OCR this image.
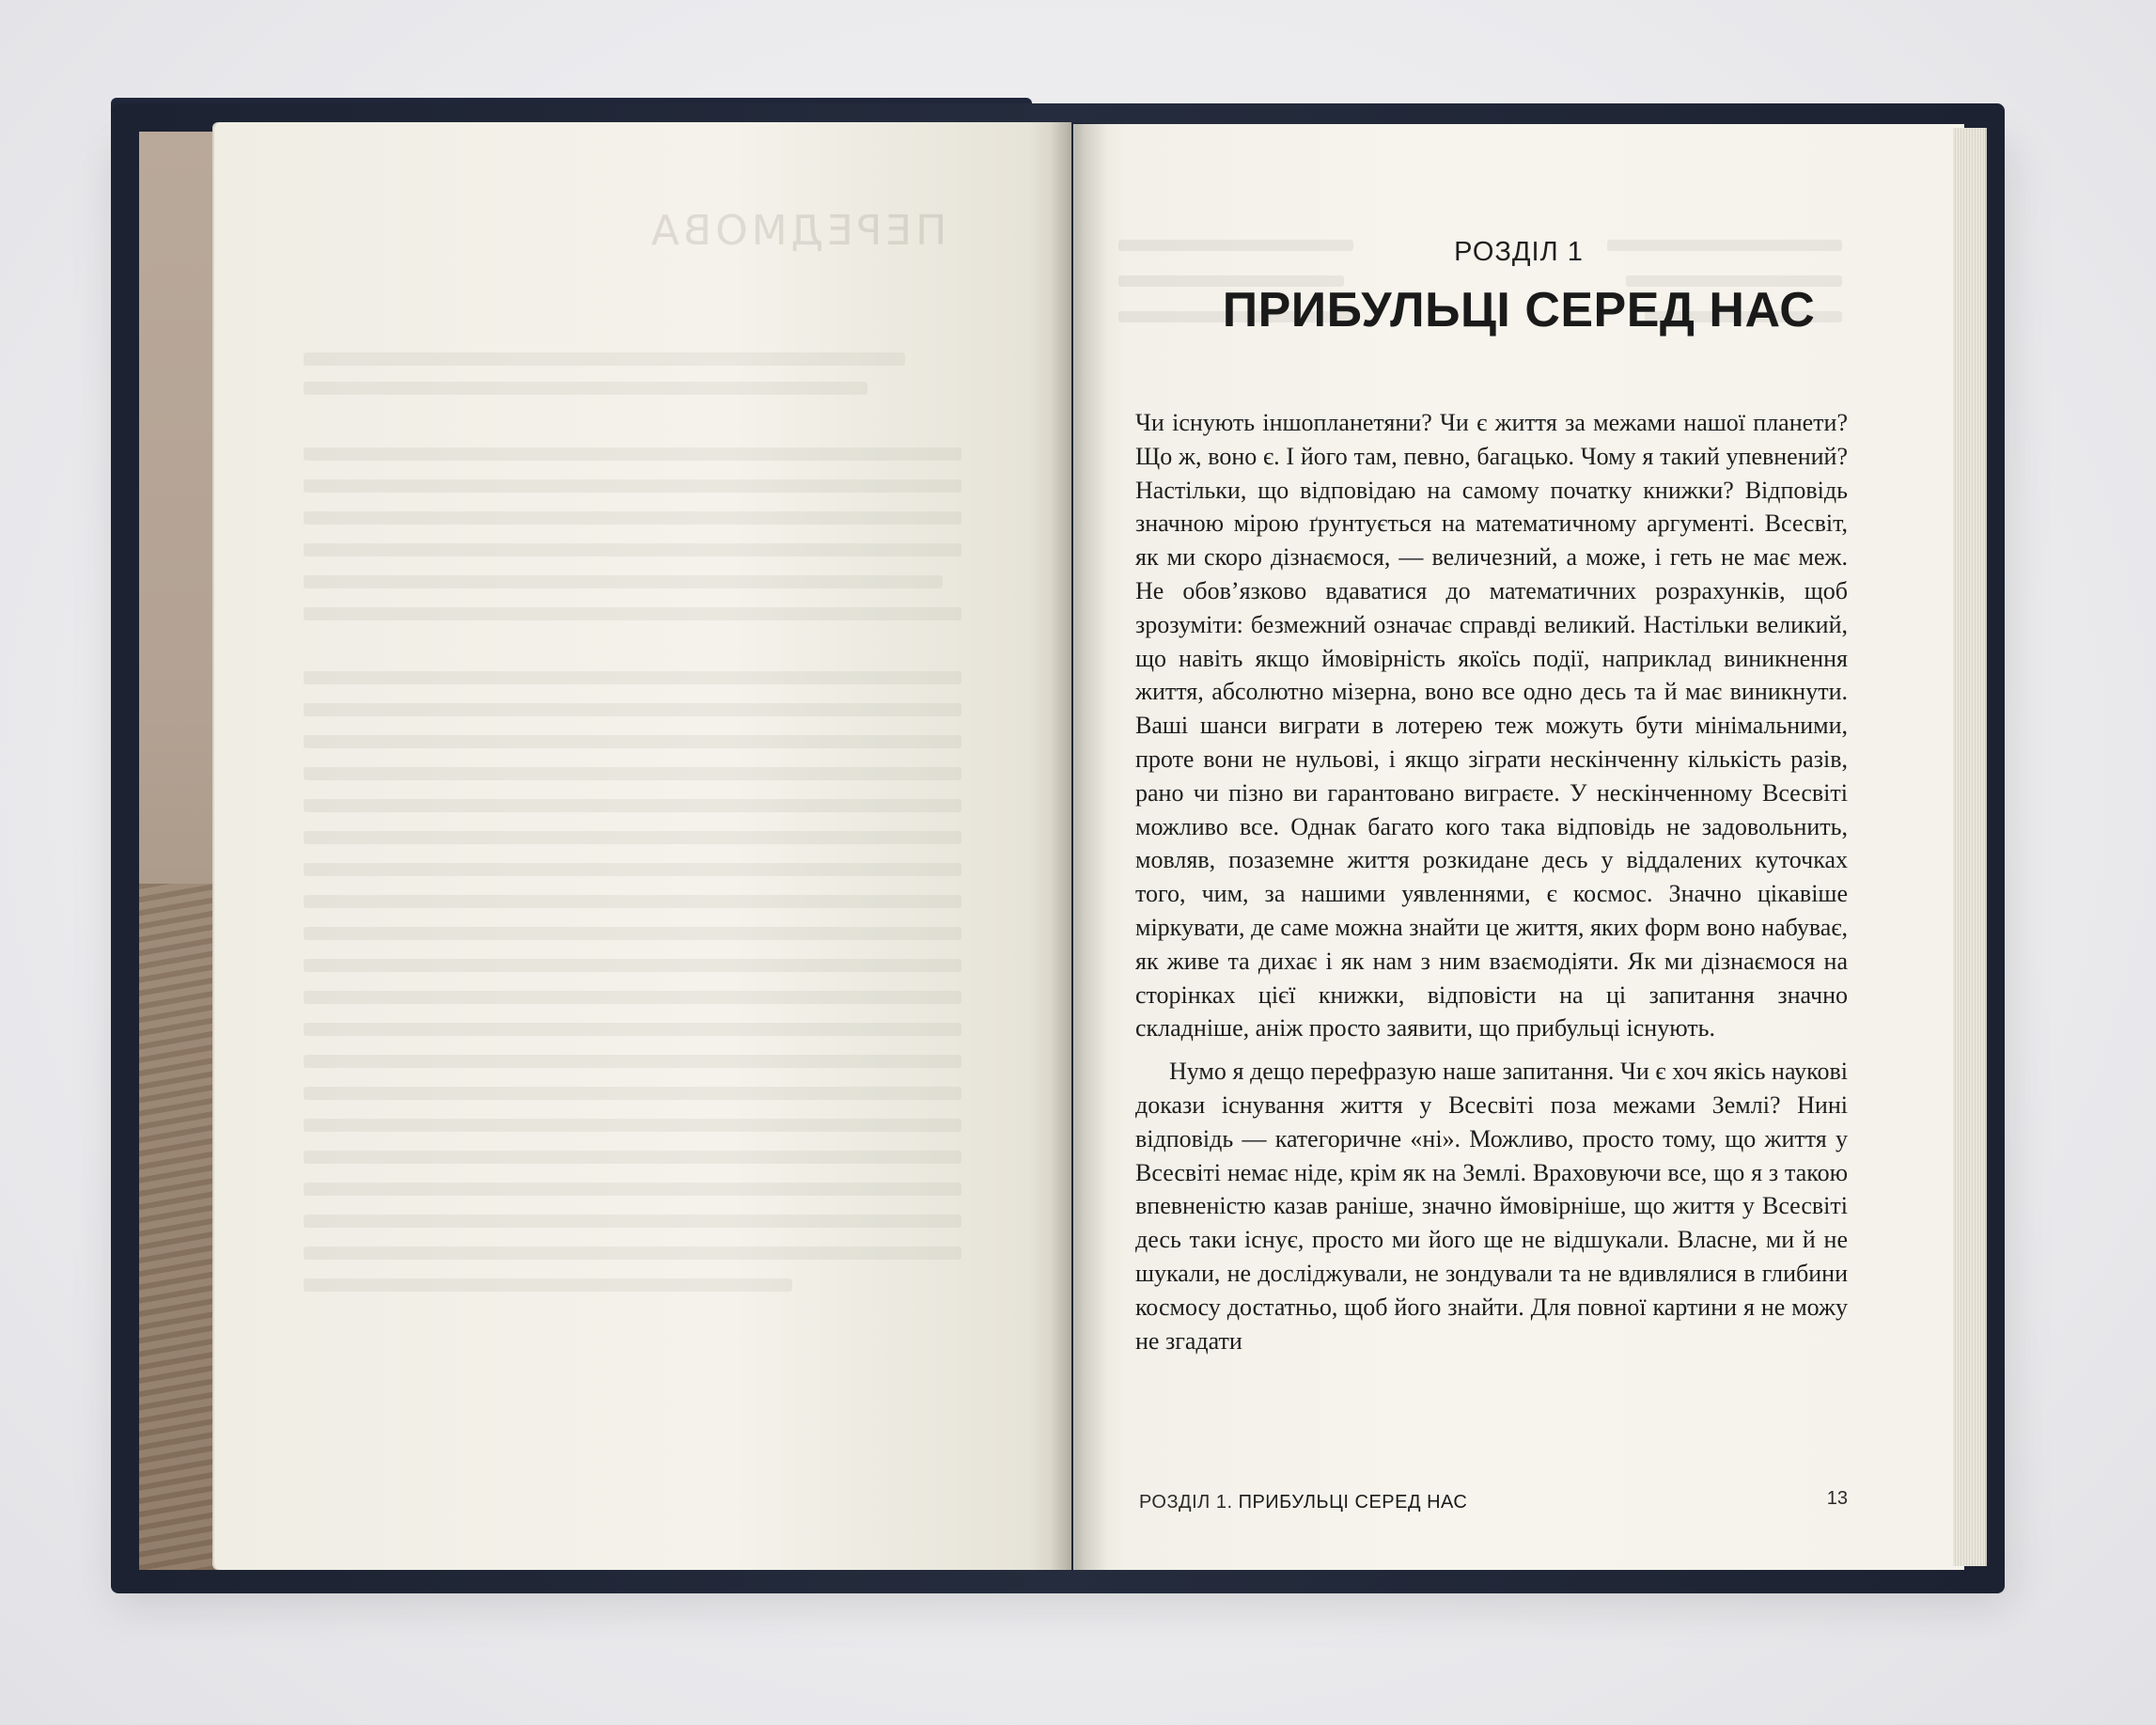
ПЕРЕДМОВА	РОЗДІЛ 1
ПРИБУЛЬЦІ СЕРЕД НАС

Чи існують іншопланетяни? Чи є життя за межами нашої планети? Що ж, воно є. І його там, певно, багацько. Чому я такий упевнений? Настільки, що відповідаю на самому початку книжки? Відповідь значною мірою ґрунтується на математичному аргументі. Всесвіт, як ми скоро дізнаємося, — величезний, а може, і геть не має меж. Не обов’язково вдаватися до математичних розрахунків, щоб зрозуміти: безмежний означає справді великий. Настільки великий, що навіть якщо ймовірність якоїсь події, наприклад виникнення життя, абсолютно мізерна, воно все одно десь та й має виникнути. Ваші шанси виграти в лотерею теж можуть бути мінімальними, проте вони не нульові, і якщо зіграти нескінченну кількість разів, рано чи пізно ви гарантовано виграєте. У нескінченному Всесвіті можливо все. Однак багато кого така відповідь не задовольнить, мовляв, позаземне життя розкидане десь у віддалених куточках того, чим, за нашими уявленнями, є космос. Значно цікавіше міркувати, де саме можна знайти це життя, яких форм воно набуває, як живе та дихає і як нам з ним взаємодіяти. Як ми дізнаємося на сторінках цієї книжки, відповісти на ці запитання значно складніше, аніж просто заявити, що прибульці існують.

Нумо я дещо перефразую наше запитання. Чи є хоч якісь наукові докази існування життя у Всесвіті поза межами Землі? Нині відповідь — категоричне «ні». Можливо, просто тому, що життя у Всесвіті немає ніде, крім як на Землі. Враховуючи все, що я з такою впевненістю казав раніше, значно ймовірніше, що життя у Всесвіті десь таки існує, просто ми його ще не відшукали. Власне, ми й не шукали, не досліджували, не зондували та не вдивлялися в глибини космосу достатньо, щоб його знайти. Для повної картини я не можу не згадати

РОЗДІЛ 1. ПРИБУЛЬЦІ СЕРЕД НАС	13
